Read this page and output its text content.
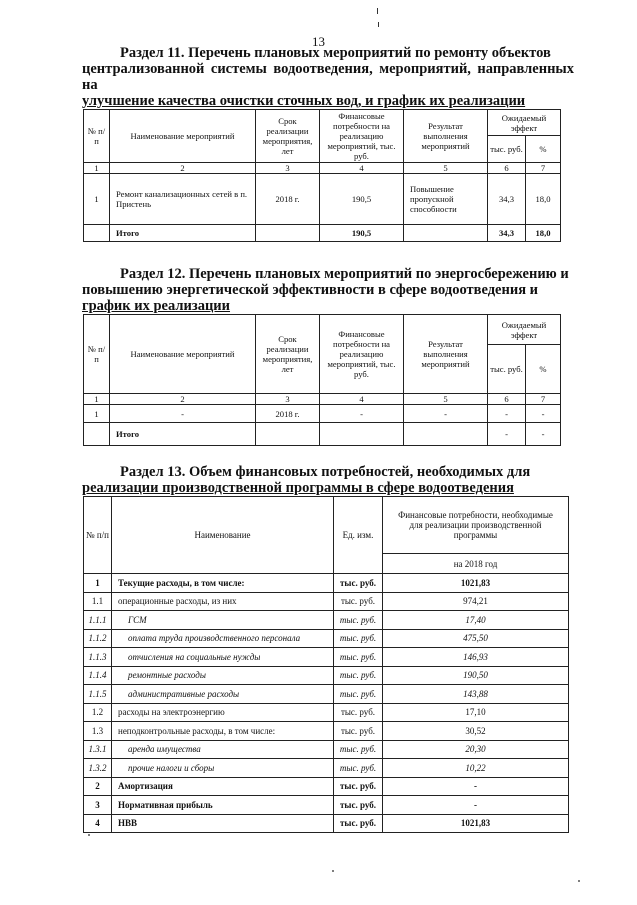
13
Раздел 11. Перечень плановых мероприятий по ремонту объектов
централизованной системы водоотведения, мероприятий, направленных на
улучшение качества очистки сточных вод, и график их реализации
№ п/п	Наименование мероприятий	Срок реализации мероприятия, лет	Финансовые потребности на реализацию мероприятий, тыс. руб.	Результат выполнения мероприятий	Ожидаемый эффект	
					тыс. руб.	%
1	2	3	4	5	6	7
1	Ремонт канализационных сетей в п. Пристень	2018 г.	190,5	Повышение пропускной способности	34,3	18,0
	Итого		190,5		34,3	18,0
Раздел 12. Перечень плановых мероприятий по энергосбережению и
повышению энергетической эффективности в сфере водоотведения и
график их реализации
№ п/п	Наименование мероприятий	Срок реализации мероприятия, лет	Финансовые потребности на реализацию мероприятий, тыс. руб.	Результат выполнения мероприятий	Ожидаемый эффект	
					тыс. руб.	%
1	2	3	4	5	6	7
1	-	2018 г.	-	-	-	-
	Итого				-	-
Раздел 13. Объем финансовых потребностей, необходимых для
реализации производственной программы в сфере водоотведения
№ п/п	Наименование	Ед. изм.	Финансовые потребности, необходимые для реализации производственной программы
			на 2018 год
1	Текущие расходы, в том числе:	тыс. руб.	1021,83
1.1	операционные расходы, из них	тыс. руб.	974,21
1.1.1	ГСМ	тыс. руб.	17,40
1.1.2	оплата труда производственного персонала	тыс. руб.	475,50
1.1.3	отчисления на социальные нужды	тыс. руб.	146,93
1.1.4	ремонтные расходы	тыс. руб.	190,50
1.1.5	административные расходы	тыс. руб.	143,88
1.2	расходы на электроэнергию	тыс. руб.	17,10
1.3	неподконтрольные расходы, в том числе:	тыс. руб.	30,52
1.3.1	аренда имущества	тыс. руб.	20,30
1.3.2	прочие налоги и сборы	тыс. руб.	10,22
2	Амортизация	тыс. руб.	-
3	Нормативная прибыль	тыс. руб.	-
4	НВВ	тыс. руб.	1021,83
